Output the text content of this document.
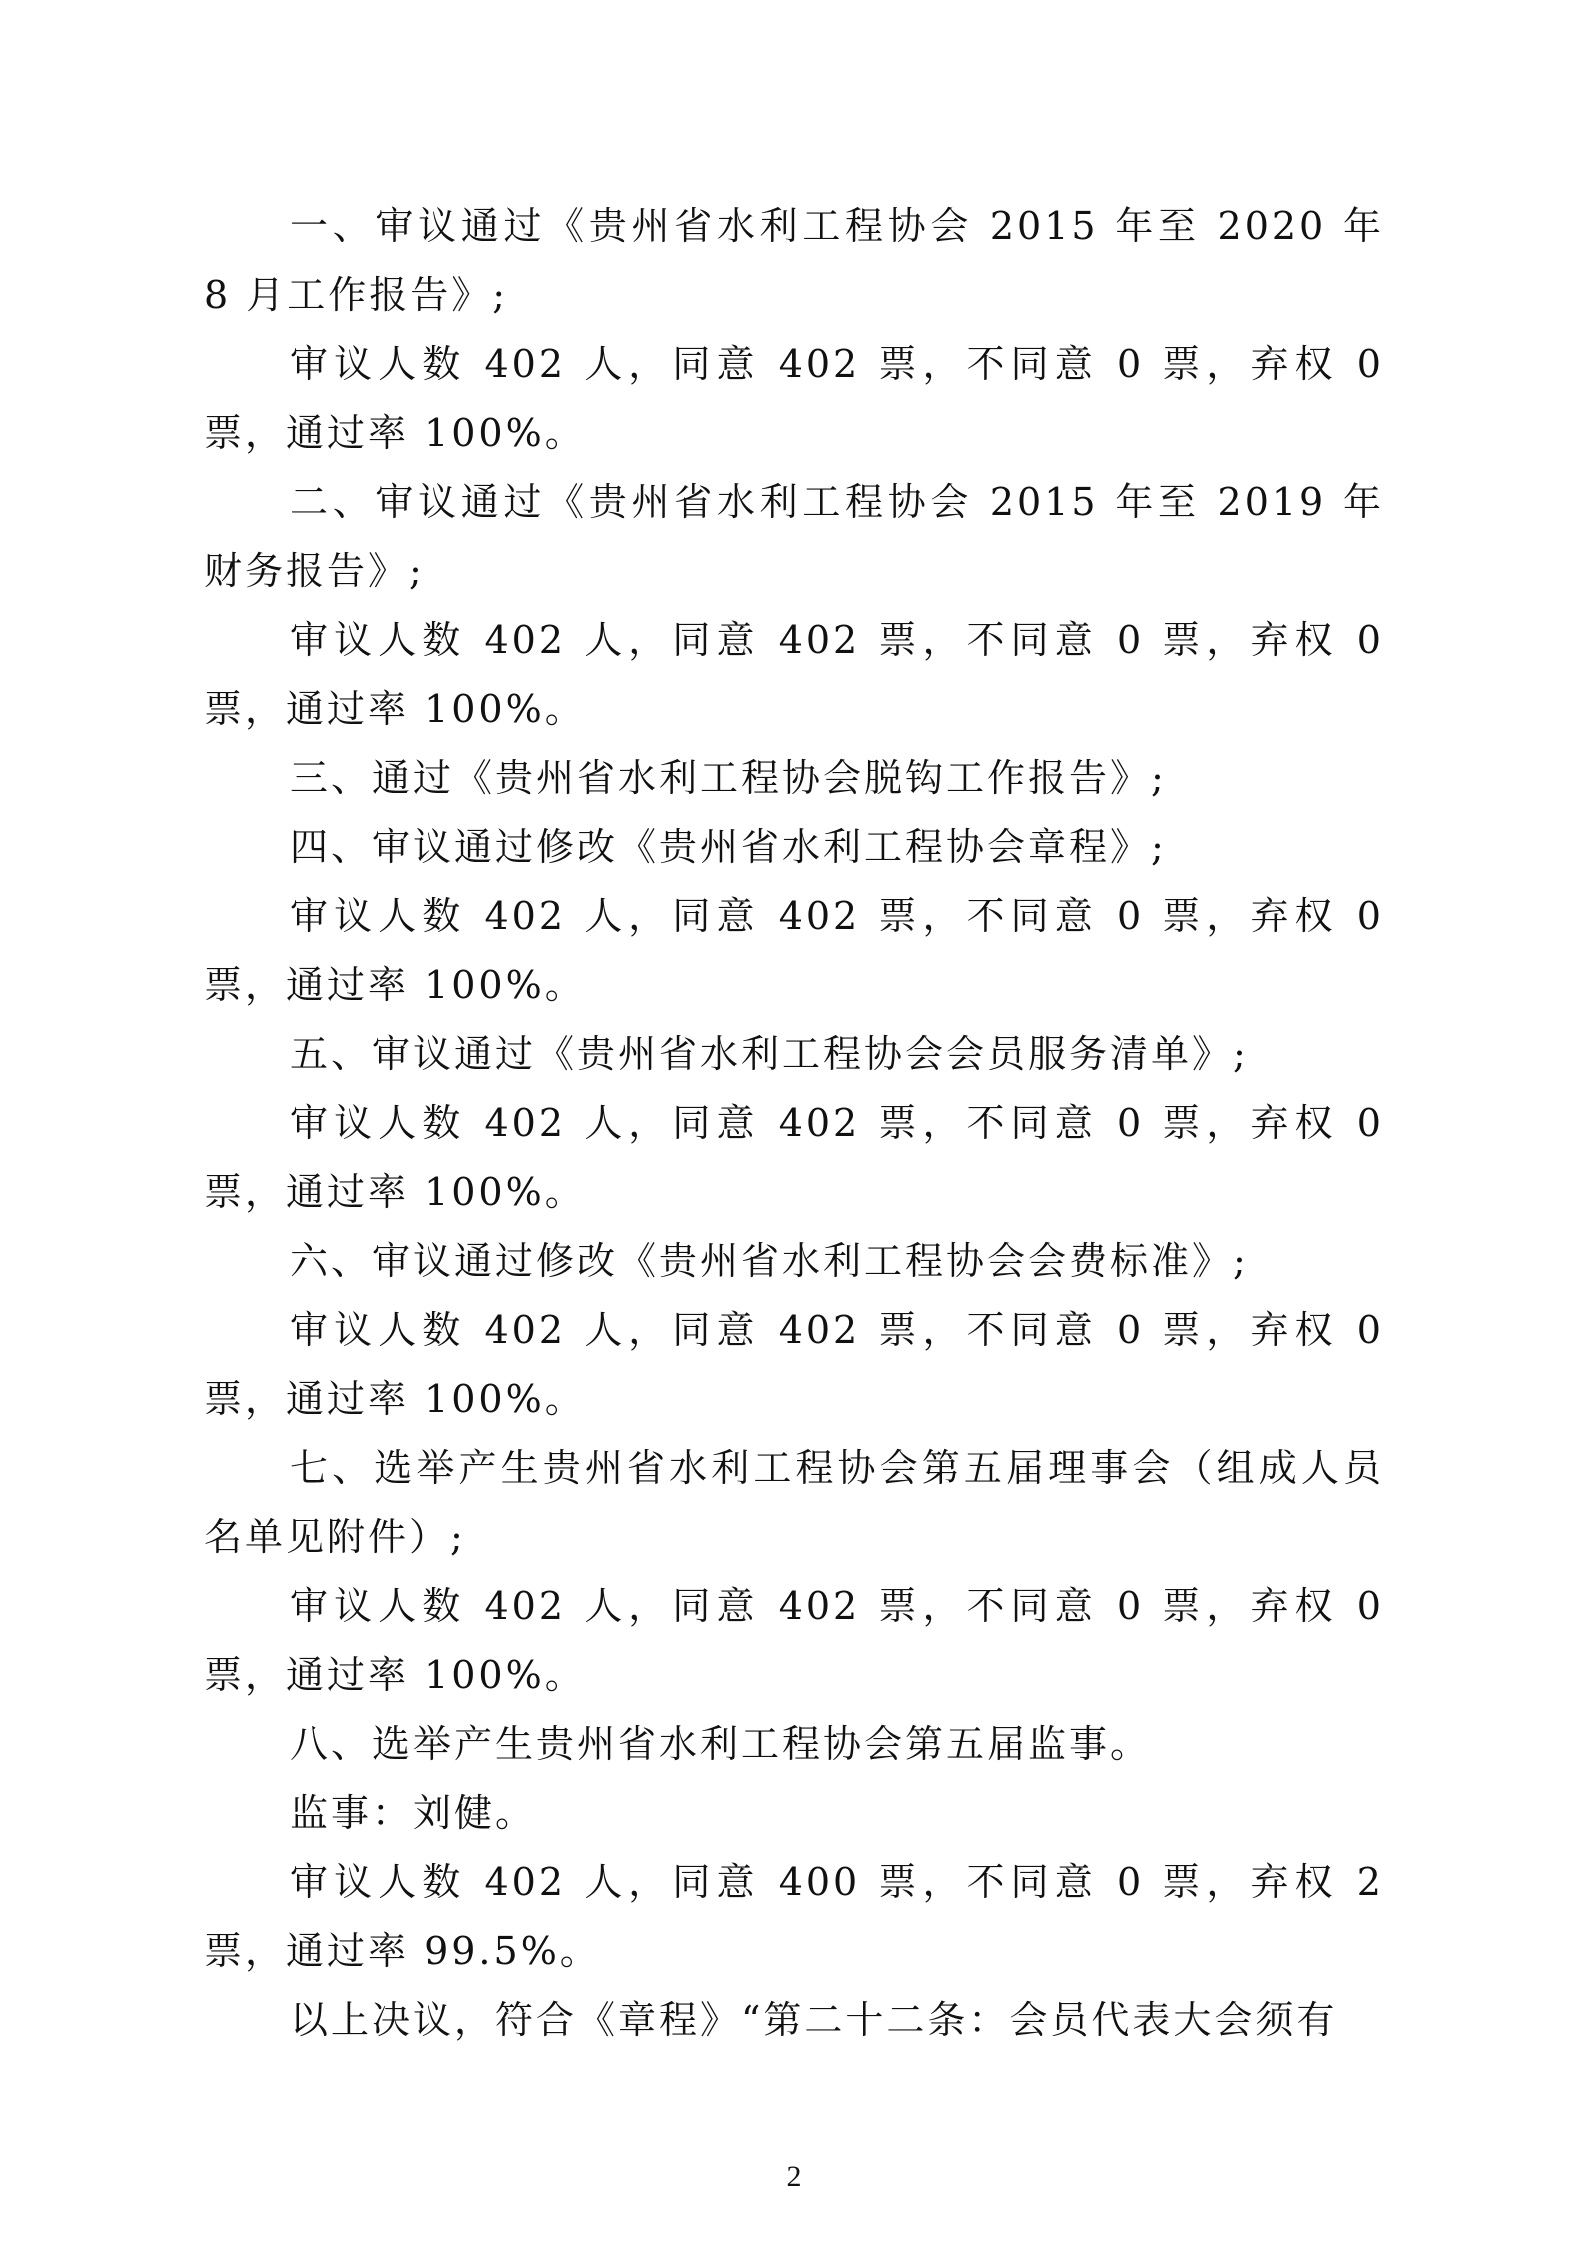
一、审议通过《贵州省水利工程协会 2015 年至 2020 年 8 月工作报告》;

审议人数 402 人，同意 402 票，不同意 0 票，弃权 0 票，通过率 100%。

二、审议通过《贵州省水利工程协会 2015 年至 2019 年财务报告》;

审议人数 402 人，同意 402 票，不同意 0 票，弃权 0 票，通过率 100%。

三、通过《贵州省水利工程协会脱钩工作报告》;

四、审议通过修改《贵州省水利工程协会章程》;

审议人数 402 人，同意 402 票，不同意 0 票，弃权 0 票，通过率 100%。

五、审议通过《贵州省水利工程协会会员服务清单》;

审议人数 402 人，同意 402 票，不同意 0 票，弃权 0 票，通过率 100%。

六、审议通过修改《贵州省水利工程协会会费标准》;

审议人数 402 人，同意 402 票，不同意 0 票，弃权 0 票，通过率 100%。

七、选举产生贵州省水利工程协会第五届理事会（组成人员名单见附件）;

审议人数 402 人，同意 402 票，不同意 0 票，弃权 0 票，通过率 100%。

八、选举产生贵州省水利工程协会第五届监事。

监事：刘健。

审议人数 402 人，同意 400 票，不同意 0 票，弃权 2 票，通过率 99.5%。

以上决议，符合《章程》“第二十二条：会员代表大会须有

2
